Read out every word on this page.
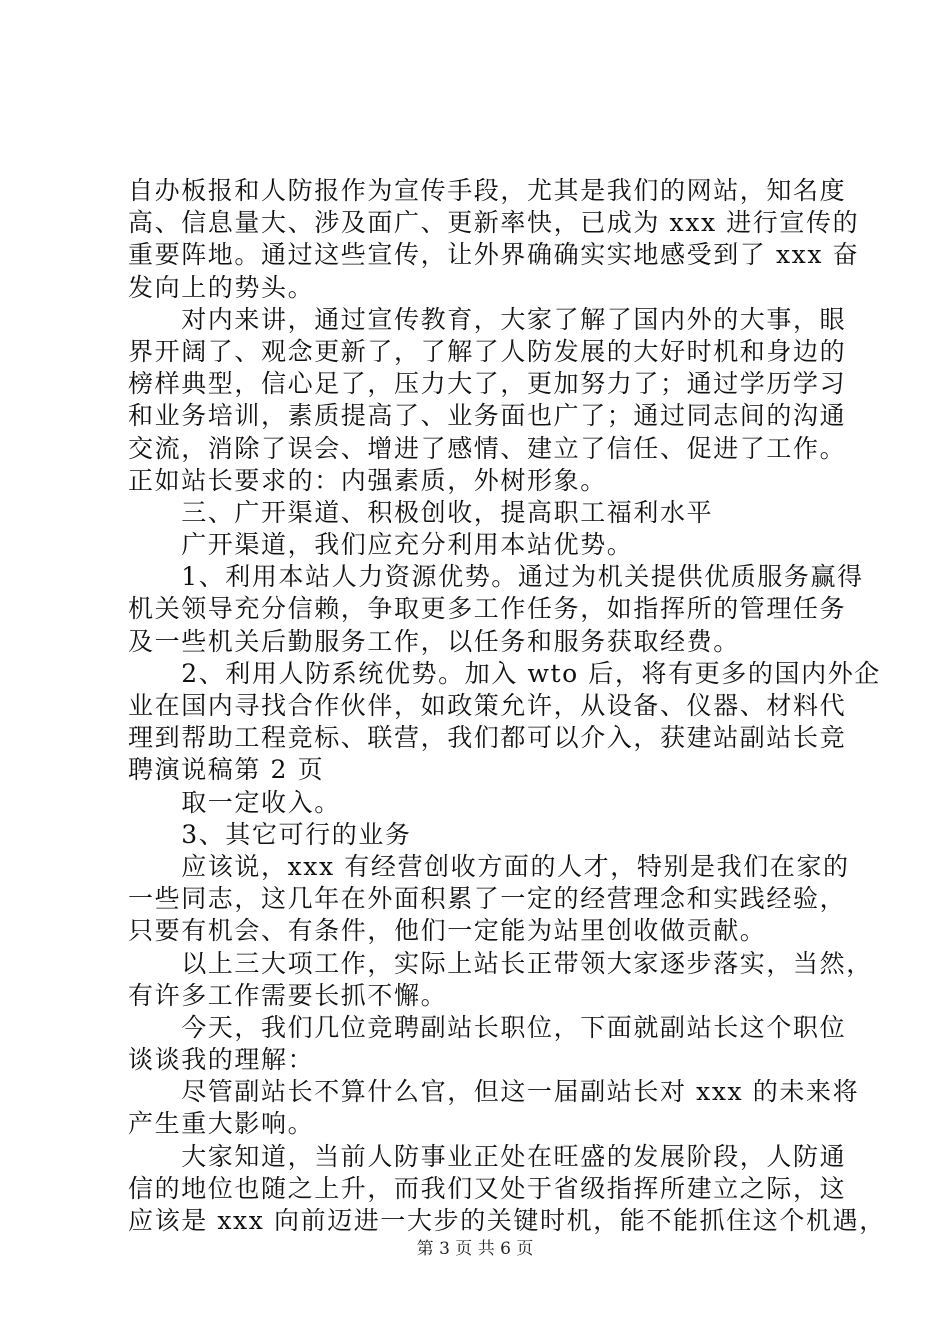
自办板报和人防报作为宣传手段，尤其是我们的网站，知名度
高、信息量大、涉及面广、更新率快，已成为 xxx 进行宣传的
重要阵地。通过这些宣传，让外界确确实实地感受到了 xxx 奋
发向上的势头。
　　对内来讲，通过宣传教育，大家了解了国内外的大事，眼
界开阔了、观念更新了，了解了人防发展的大好时机和身边的
榜样典型，信心足了，压力大了，更加努力了；通过学历学习
和业务培训，素质提高了、业务面也广了；通过同志间的沟通
交流，消除了误会、增进了感情、建立了信任、促进了工作。
正如站长要求的：内强素质，外树形象。
　　三、广开渠道、积极创收，提高职工福利水平
　　广开渠道，我们应充分利用本站优势。
　　1、利用本站人力资源优势。通过为机关提供优质服务赢得
机关领导充分信赖，争取更多工作任务，如指挥所的管理任务
及一些机关后勤服务工作，以任务和服务获取经费。
　　2、利用人防系统优势。加入 wto 后，将有更多的国内外企
业在国内寻找合作伙伴，如政策允许，从设备、仪器、材料代
理到帮助工程竞标、联营，我们都可以介入，获建站副站长竞
聘演说稿第 2 页
　　取一定收入。
　　3、其它可行的业务
　　应该说，xxx 有经营创收方面的人才，特别是我们在家的
一些同志，这几年在外面积累了一定的经营理念和实践经验，
只要有机会、有条件，他们一定能为站里创收做贡献。
　　以上三大项工作，实际上站长正带领大家逐步落实，当然，
有许多工作需要长抓不懈。
　　今天，我们几位竞聘副站长职位，下面就副站长这个职位
谈谈我的理解：
　　尽管副站长不算什么官，但这一届副站长对 xxx 的未来将
产生重大影响。
　　大家知道，当前人防事业正处在旺盛的发展阶段，人防通
信的地位也随之上升，而我们又处于省级指挥所建立之际，这
应该是 xxx 向前迈进一大步的关键时机，能不能抓住这个机遇，
第 3 页 共 6 页
